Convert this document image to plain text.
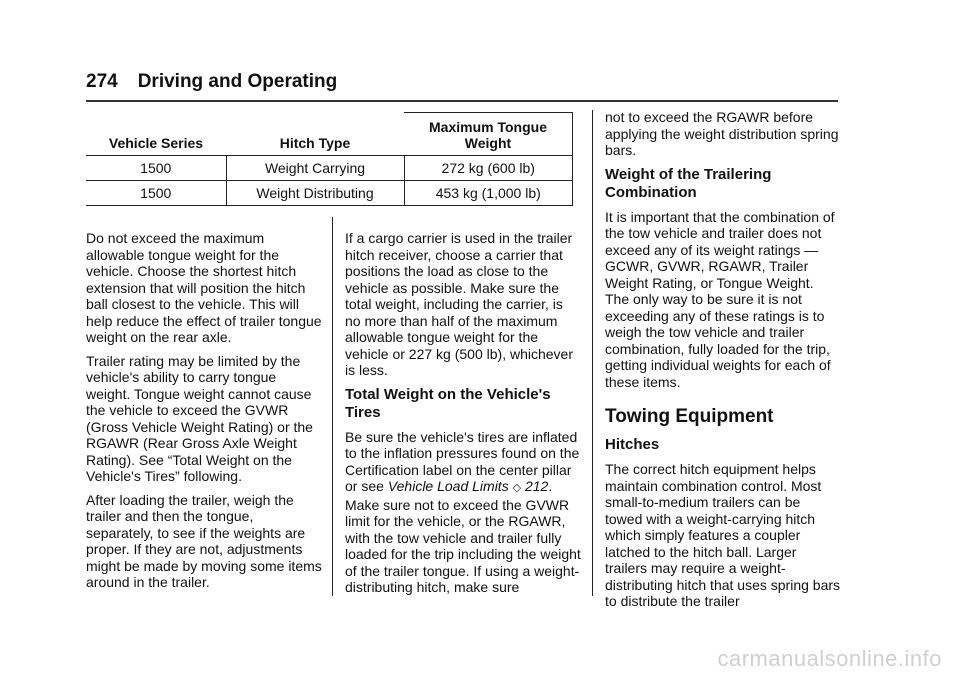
274 Driving and Operating
Vehicle Series	Hitch Type	Maximum Tongue Weight
1500	Weight Carrying	272 kg (600 lb)
1500	Weight Distributing	453 kg (1,000 lb)

Do not exceed the maximum allowable tongue weight for the vehicle. Choose the shortest hitch extension that will position the hitch ball closest to the vehicle. This will help reduce the effect of trailer tongue weight on the rear axle.

Trailer rating may be limited by the vehicle's ability to carry tongue weight. Tongue weight cannot cause the vehicle to exceed the GVWR (Gross Vehicle Weight Rating) or the RGAWR (Rear Gross Axle Weight Rating). See “Total Weight on the Vehicle's Tires” following.

After loading the trailer, weigh the trailer and then the tongue, separately, to see if the weights are proper. If they are not, adjustments might be made by moving some items around in the trailer.

If a cargo carrier is used in the trailer hitch receiver, choose a carrier that positions the load as close to the vehicle as possible. Make sure the total weight, including the carrier, is no more than half of the maximum allowable tongue weight for the vehicle or 227 kg (500 lb), whichever is less.

Total Weight on the Vehicle's Tires

Be sure the vehicle's tires are inflated to the inflation pressures found on the Certification label on the center pillar or see Vehicle Load Limits ◇ 212. Make sure not to exceed the GVWR limit for the vehicle, or the RGAWR, with the tow vehicle and trailer fully loaded for the trip including the weight of the trailer tongue. If using a weight-distributing hitch, make sure

not to exceed the RGAWR before applying the weight distribution spring bars.

Weight of the Trailering Combination

It is important that the combination of the tow vehicle and trailer does not exceed any of its weight ratings — GCWR, GVWR, RGAWR, Trailer Weight Rating, or Tongue Weight. The only way to be sure it is not exceeding any of these ratings is to weigh the tow vehicle and trailer combination, fully loaded for the trip, getting individual weights for each of these items.

Towing Equipment
Hitches

The correct hitch equipment helps maintain combination control. Most small-to-medium trailers can be towed with a weight-carrying hitch which simply features a coupler latched to the hitch ball. Larger trailers may require a weight-distributing hitch that uses spring bars to distribute the trailer

carmanualsonline.info
